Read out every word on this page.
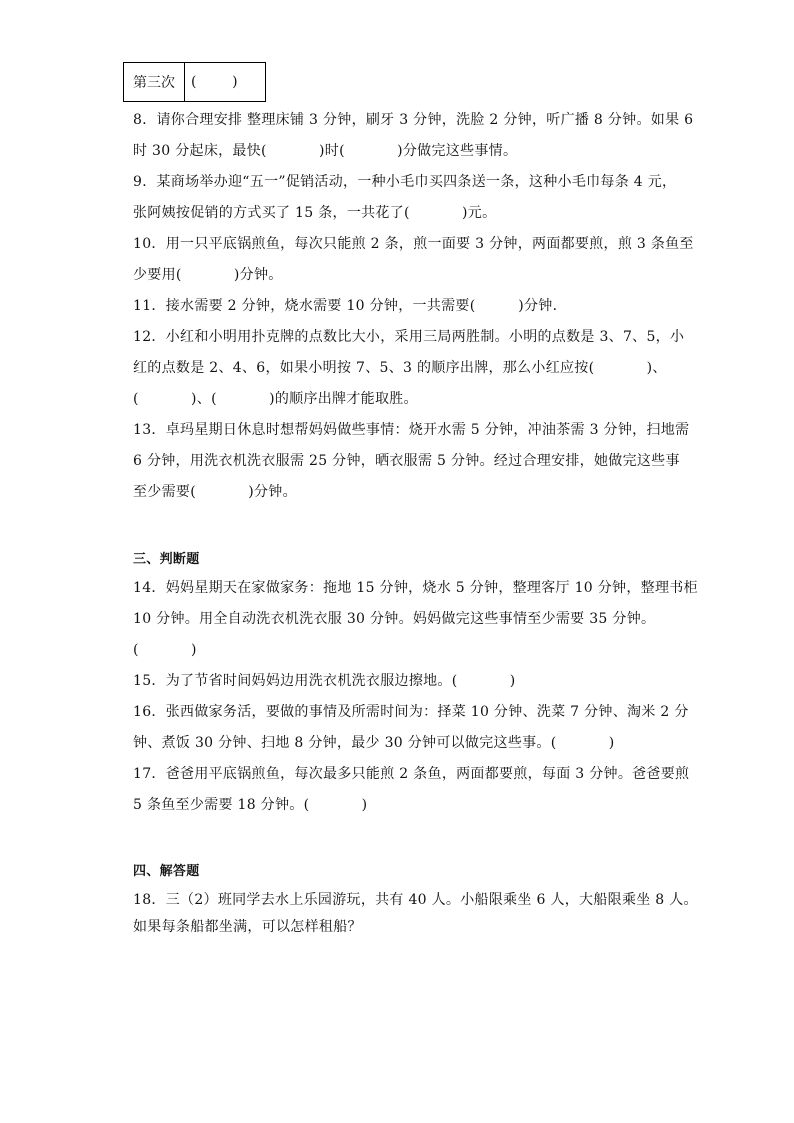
第三次	(        )
8．请你合理安排 整理床铺 3 分钟，刷牙 3 分钟，洗脸 2 分钟，听广播 8 分钟。如果 6
时 30 分起床，最快(           )时(           )分做完这些事情。
9．某商场举办迎“五一”促销活动，一种小毛巾买四条送一条，这种小毛巾每条 4 元，
张阿姨按促销的方式买了 15 条，一共花了(           )元。
10．用一只平底锅煎鱼，每次只能煎 2 条，煎一面要 3 分钟，两面都要煎，煎 3 条鱼至
少要用(           )分钟。
11．接水需要 2 分钟，烧水需要 10 分钟，一共需要(         )分钟．
12．小红和小明用扑克牌的点数比大小，采用三局两胜制。小明的点数是 3、7、5，小
红的点数是 2、4、6，如果小明按 7、5、3 的顺序出牌，那么小红应按(           )、
(           )、(           )的顺序出牌才能取胜。
13．卓玛星期日休息时想帮妈妈做些事情：烧开水需 5 分钟，冲油茶需 3 分钟，扫地需
6 分钟，用洗衣机洗衣服需 25 分钟，晒衣服需 5 分钟。经过合理安排，她做完这些事
至少需要(           )分钟。
三、判断题
14．妈妈星期天在家做家务：拖地 15 分钟，烧水 5 分钟，整理客厅 10 分钟，整理书柜
10 分钟。用全自动洗衣机洗衣服 30 分钟。妈妈做完这些事情至少需要 35 分钟。
(           )
15．为了节省时间妈妈边用洗衣机洗衣服边擦地。(           )
16．张西做家务活，要做的事情及所需时间为：择菜 10 分钟、洗菜 7 分钟、淘米 2 分
钟、煮饭 30 分钟、扫地 8 分钟，最少 30 分钟可以做完这些事。(           )
17．爸爸用平底锅煎鱼，每次最多只能煎 2 条鱼，两面都要煎，每面 3 分钟。爸爸要煎
5 条鱼至少需要 18 分钟。(           )
四、解答题
18．三（2）班同学去水上乐园游玩，共有 40 人。小船限乘坐 6 人，大船限乘坐 8 人。
如果每条船都坐满，可以怎样租船？
